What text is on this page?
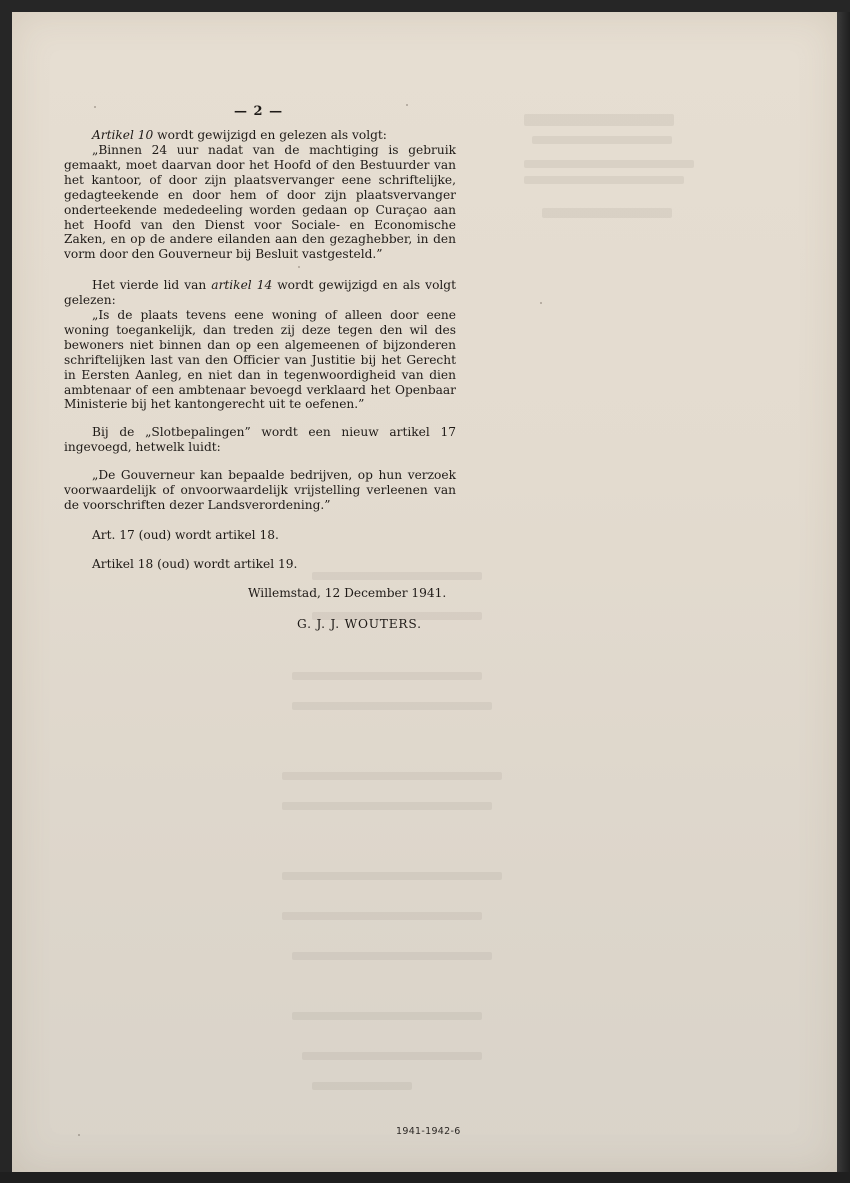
— 2 —

Artikel 10 wordt gewijzigd en gelezen als volgt:

„Binnen 24 uur nadat van de machtiging is gebruik gemaakt, moet daarvan door het Hoofd of den Bestuurder van het kantoor, of door zijn plaatsvervanger eene schriftelijke, gedagteekende en door hem of door zijn plaatsvervanger onderteekende mededeeling worden gedaan op Curaçao aan het Hoofd van den Dienst voor Sociale- en Economische Zaken, en op de andere eilanden aan den gezaghebber, in den vorm door den Gouverneur bij Besluit vastgesteld.”

Het vierde lid van artikel 14 wordt gewijzigd en als volgt gelezen:

„Is de plaats tevens eene woning of alleen door eene woning toegankelijk, dan treden zij deze tegen den wil des bewoners niet binnen dan op een algemeenen of bijzonderen schriftelijken last van den Officier van Justitie bij het Gerecht in Eersten Aanleg, en niet dan in tegenwoordigheid van dien ambtenaar of een ambtenaar bevoegd verklaard het Openbaar Ministerie bij het kantongerecht uit te oefenen.”

Bij de „Slotbepalingen” wordt een nieuw artikel 17 ingevoegd, hetwelk luidt:

„De Gouverneur kan bepaalde bedrijven, op hun verzoek voorwaardelijk of onvoorwaardelijk vrijstelling verleenen van de voorschriften dezer Landsverordening.”

Art. 17 (oud) wordt artikel 18.

Artikel 18 (oud) wordt artikel 19.

Willemstad, 12 December 1941.
G. J. J. WOUTERS.
1941-1942-6
